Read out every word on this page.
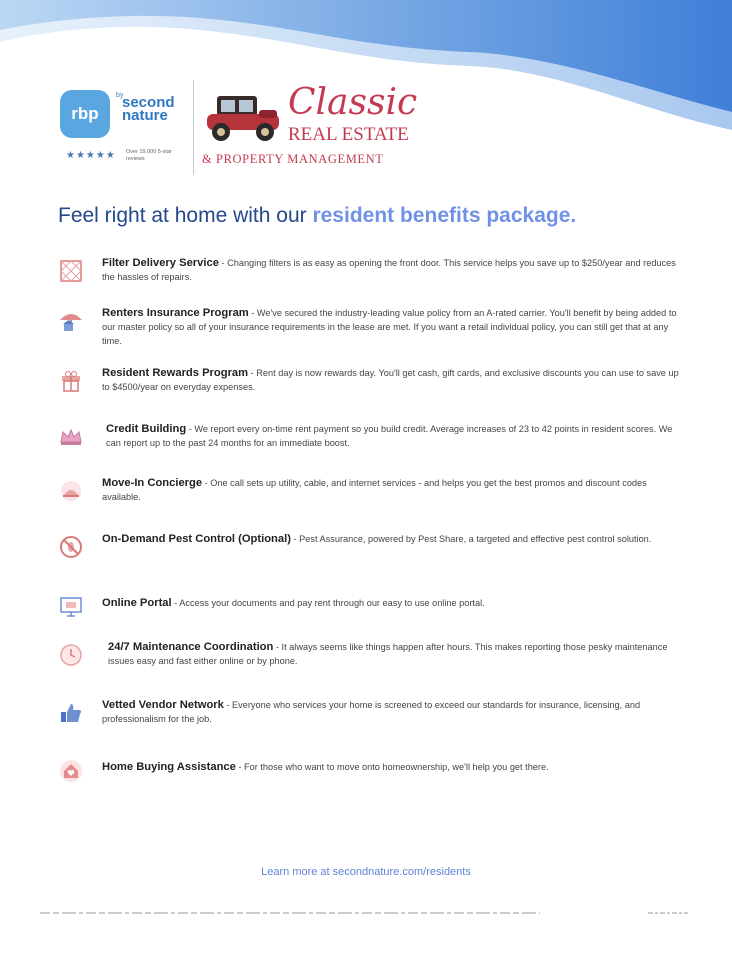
rbp
by
second nature
★★★★★ Over 19,000 5-star reviews
Classic
REAL ESTATE
& PROPERTY MANAGEMENT
Feel right at home with our resident benefits package.
Filter Delivery Service - Changing filters is as easy as opening the front door. This service helps you save up to $250/year and reduces the hassles of repairs.
Renters Insurance Program - We've secured the industry-leading value policy from an A-rated carrier. You'll benefit by being added to our master policy so all of your insurance requirements in the lease are met. If you want a retail individual policy, you can still get that at any time.
Resident Rewards Program - Rent day is now rewards day. You'll get cash, gift cards, and exclusive discounts you can use to save up to $4500/year on everyday expenses.
Credit Building - We report every on-time rent payment so you build credit. Average increases of 23 to 42 points in resident scores. We can report up to the past 24 months for an immediate boost.
Move-In Concierge - One call sets up utility, cable, and internet services - and helps you get the best promos and discount codes available.
On-Demand Pest Control (Optional) - Pest Assurance, powered by Pest Share, a targeted and effective pest control solution.
Online Portal - Access your documents and pay rent through our easy to use online portal.
24/7 Maintenance Coordination - It always seems like things happen after hours. This makes reporting those pesky maintenance issues easy and fast either online or by phone.
Vetted Vendor Network - Everyone who services your home is screened to exceed our standards for insurance, licensing, and professionalism for the job.
Home Buying Assistance - For those who want to move onto homeownership, we'll help you get there.
Learn more at secondnature.com/residents
